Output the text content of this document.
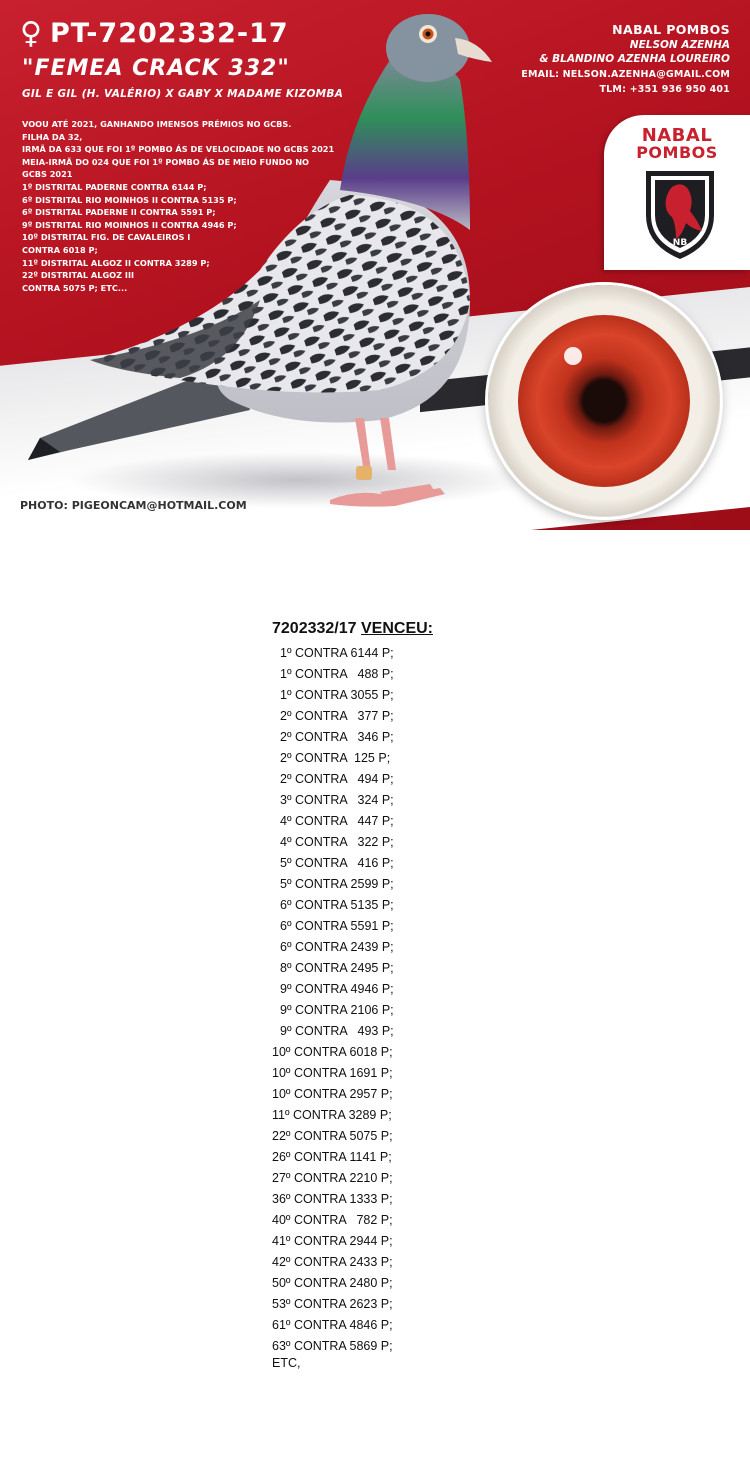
♀ PT-7202332-17
"FEMEA CRACK 332"
GIL E GIL (H. VALÉRIO) X GABY X MADAME KIZOMBA
VOOU ATÉ 2021, GANHANDO IMENSOS PRÉMIOS NO GCBS.
FILHA DA 32,
IRMÃ DA 633 QUE FOI 1º POMBO ÁS DE VELOCIDADE NO GCBS 2021
MEIA-IRMÃ DO 024 QUE FOI 1º POMBO ÁS DE MEIO FUNDO NO
GCBS 2021
1º DISTRITAL PADERNE CONTRA 6144 P;
6º DISTRITAL RIO MOINHOS II CONTRA 5135 P;
6º DISTRITAL PADERNE II CONTRA 5591 P;
9º DISTRITAL RIO MOINHOS II CONTRA 4946 P;
10º DISTRITAL FIG. DE CAVALEIROS I
CONTRA 6018 P;
11º DISTRITAL ALGOZ II CONTRA 3289 P;
22º DISTRITAL ALGOZ III
CONTRA 5075 P; ETC...
NABAL POMBOS
NELSON AZENHA
& BLANDINO AZENHA LOUREIRO
EMAIL: NELSON.AZENHA@GMAIL.COM
TLM: +351 936 950 401
NABAL
POMBOS
NB
PHOTO: PIGEONCAM@HOTMAIL.COM
7202332/17 VENCEU:
1º CONTRA 6144 P;
1º CONTRA   488 P;
1º CONTRA 3055 P;
2º CONTRA   377 P;
2º CONTRA   346 P;
2º CONTRA  125 P;
2º CONTRA   494 P;
3º CONTRA   324 P;
4º CONTRA   447 P;
4º CONTRA   322 P;
5º CONTRA   416 P;
5º CONTRA 2599 P;
6º CONTRA 5135 P;
6º CONTRA 5591 P;
6º CONTRA 2439 P;
8º CONTRA 2495 P;
9º CONTRA 4946 P;
9º CONTRA 2106 P;
9º CONTRA   493 P;
10º CONTRA 6018 P;
10º CONTRA 1691 P;
10º CONTRA 2957 P;
11º CONTRA 3289 P;
22º CONTRA 5075 P;
26º CONTRA 1141 P;
27º CONTRA 2210 P;
36º CONTRA 1333 P;
40º CONTRA   782 P;
41º CONTRA 2944 P;
42º CONTRA 2433 P;
50º CONTRA 2480 P;
53º CONTRA 2623 P;
61º CONTRA 4846 P;
63º CONTRA 5869 P;
ETC,
